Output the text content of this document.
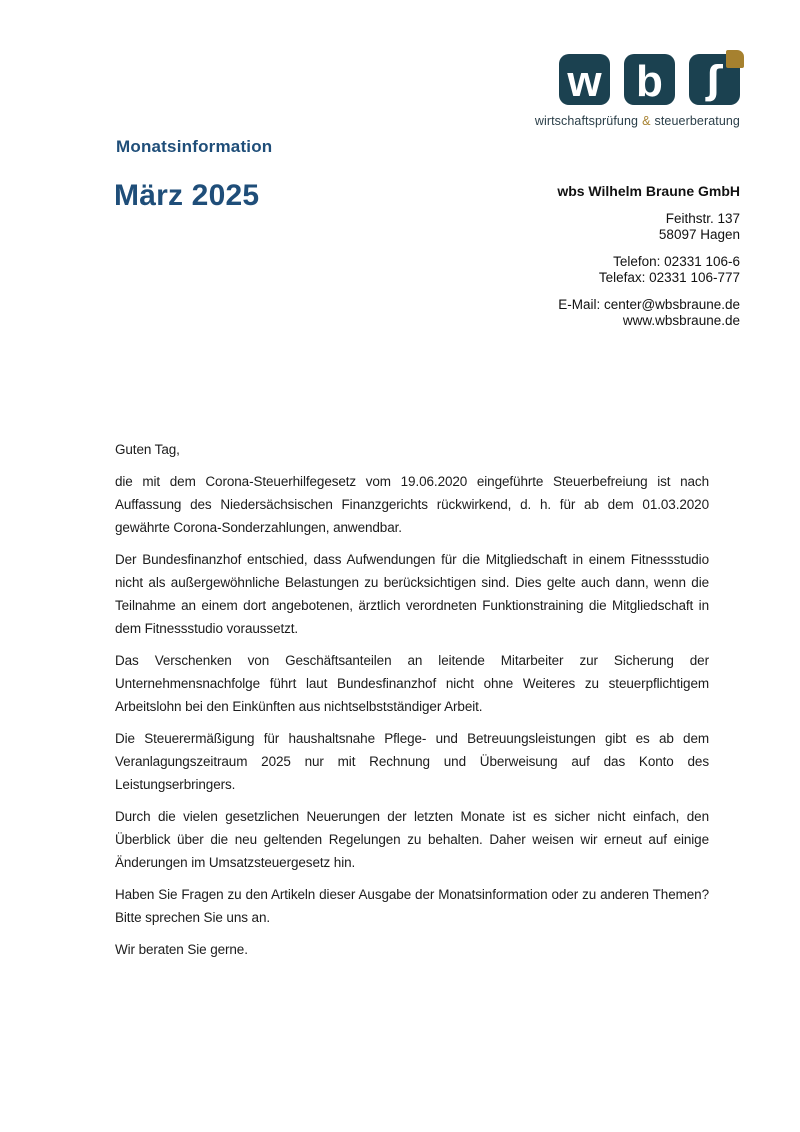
w b ʃ
wirtschaftsprüfung & steuerberatung
Monatsinformation
März 2025	wbs Wilhelm Braune GmbH
Feithstr. 137
58097 Hagen
Telefon: 02331 106-6
Telefax: 02331 106-777
E-Mail: center@wbsbraune.de
www.wbsbraune.de

Guten Tag,

die mit dem Corona-Steuerhilfegesetz vom 19.06.2020 eingeführte Steuerbefreiung ist nach Auffassung des Niedersächsischen Finanzgerichts rückwirkend, d. h. für ab dem 01.03.2020 gewährte Corona-Sonderzahlungen, anwendbar.

Der Bundesfinanzhof entschied, dass Aufwendungen für die Mitgliedschaft in einem Fitnessstudio nicht als außergewöhnliche Belastungen zu berücksichtigen sind. Dies gelte auch dann, wenn die Teilnahme an einem dort angebotenen, ärztlich verordneten Funktionstraining die Mitgliedschaft in dem Fitnessstudio voraussetzt.

Das Verschenken von Geschäftsanteilen an leitende Mitarbeiter zur Sicherung der Unternehmensnachfolge führt laut Bundesfinanzhof nicht ohne Weiteres zu steuerpflichtigem Arbeitslohn bei den Einkünften aus nichtselbstständiger Arbeit.

Die Steuerermäßigung für haushaltsnahe Pflege- und Betreuungsleistungen gibt es ab dem Veranlagungszeitraum 2025 nur mit Rechnung und Überweisung auf das Konto des Leistungserbringers.

Durch die vielen gesetzlichen Neuerungen der letzten Monate ist es sicher nicht einfach, den Überblick über die neu geltenden Regelungen zu behalten. Daher weisen wir erneut auf einige Änderungen im Umsatzsteuergesetz hin.

Haben Sie Fragen zu den Artikeln dieser Ausgabe der Monatsinformation oder zu anderen Themen? Bitte sprechen Sie uns an.

Wir beraten Sie gerne.
